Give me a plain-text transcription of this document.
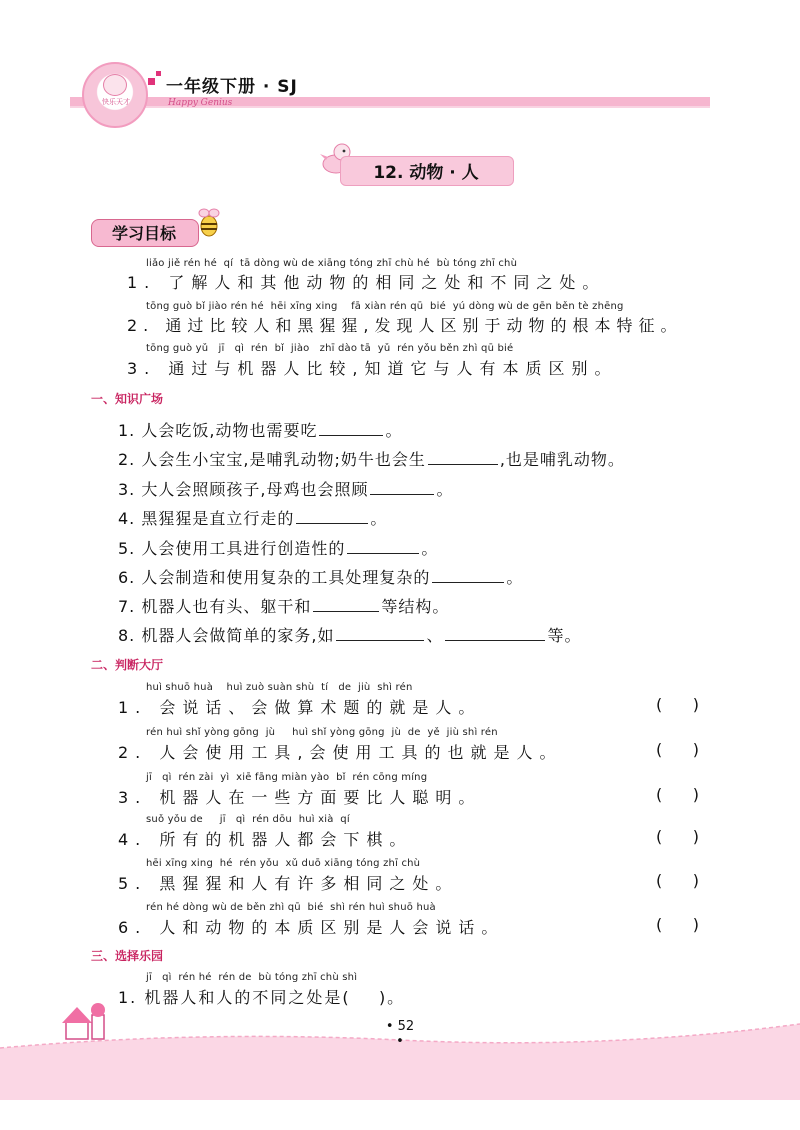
快乐天才
一年级下册 · SJ
Happy Genius
12. 动物 · 人
学习目标
liǎo jiě rén hé  qí  tā dòng wù de xiāng tóng zhī chù hé  bù tóng zhī chù
1. 了解人和其他动物的相同之处和不同之处。
tōng guò bǐ jiào rén hé  hēi xīng xing    fā xiàn rén qū  bié  yú dòng wù de gēn běn tè zhēng
2. 通过比较人和黑猩猩,发现人区别于动物的根本特征。
tōng guò yǔ   jī   qì  rén  bǐ  jiào   zhī dào tā  yǔ  rén yǒu běn zhì qū bié
3. 通过与机器人比较,知道它与人有本质区别。
一、知识广场
1. 人会吃饭,动物也需要吃	。
2. 人会生小宝宝,是哺乳动物;奶牛也会生	,也是哺乳动物。
3. 大人会照顾孩子,母鸡也会照顾	。
4. 黑猩猩是直立行走的	。
5. 人会使用工具进行创造性的	。
6. 人会制造和使用复杂的工具处理复杂的	。
7. 机器人也有头、躯干和	等结构。
8. 机器人会做简单的家务,如	、	等。
二、判断大厅
huì shuō huà    huì zuò suàn shù  tí   de  jiù  shì rén
1. 会说话、会做算术题的就是人。	(      )
rén huì shǐ yòng gōng  jù     huì shǐ yòng gōng  jù  de  yě  jiù shì rén
2. 人会使用工具,会使用工具的也就是人。	(      )
jī   qì  rén zài  yì  xiē fāng miàn yào  bǐ  rén cōng míng
3. 机器人在一些方面要比人聪明。	(      )
suǒ yǒu de     jī   qì  rén dōu  huì xià  qí
4. 所有的机器人都会下棋。	(      )
hēi xīng xing  hé  rén yǒu  xǔ duō xiāng tóng zhī chù
5. 黑猩猩和人有许多相同之处。	(      )
rén hé dòng wù de běn zhì qū  bié  shì rén huì shuō huà
6. 人和动物的本质区别是人会说话。	(      )
三、选择乐园
jī   qì  rén hé  rén de  bù tóng zhī chù shì
1. 机器人和人的不同之处是(    )。
• 52 •
